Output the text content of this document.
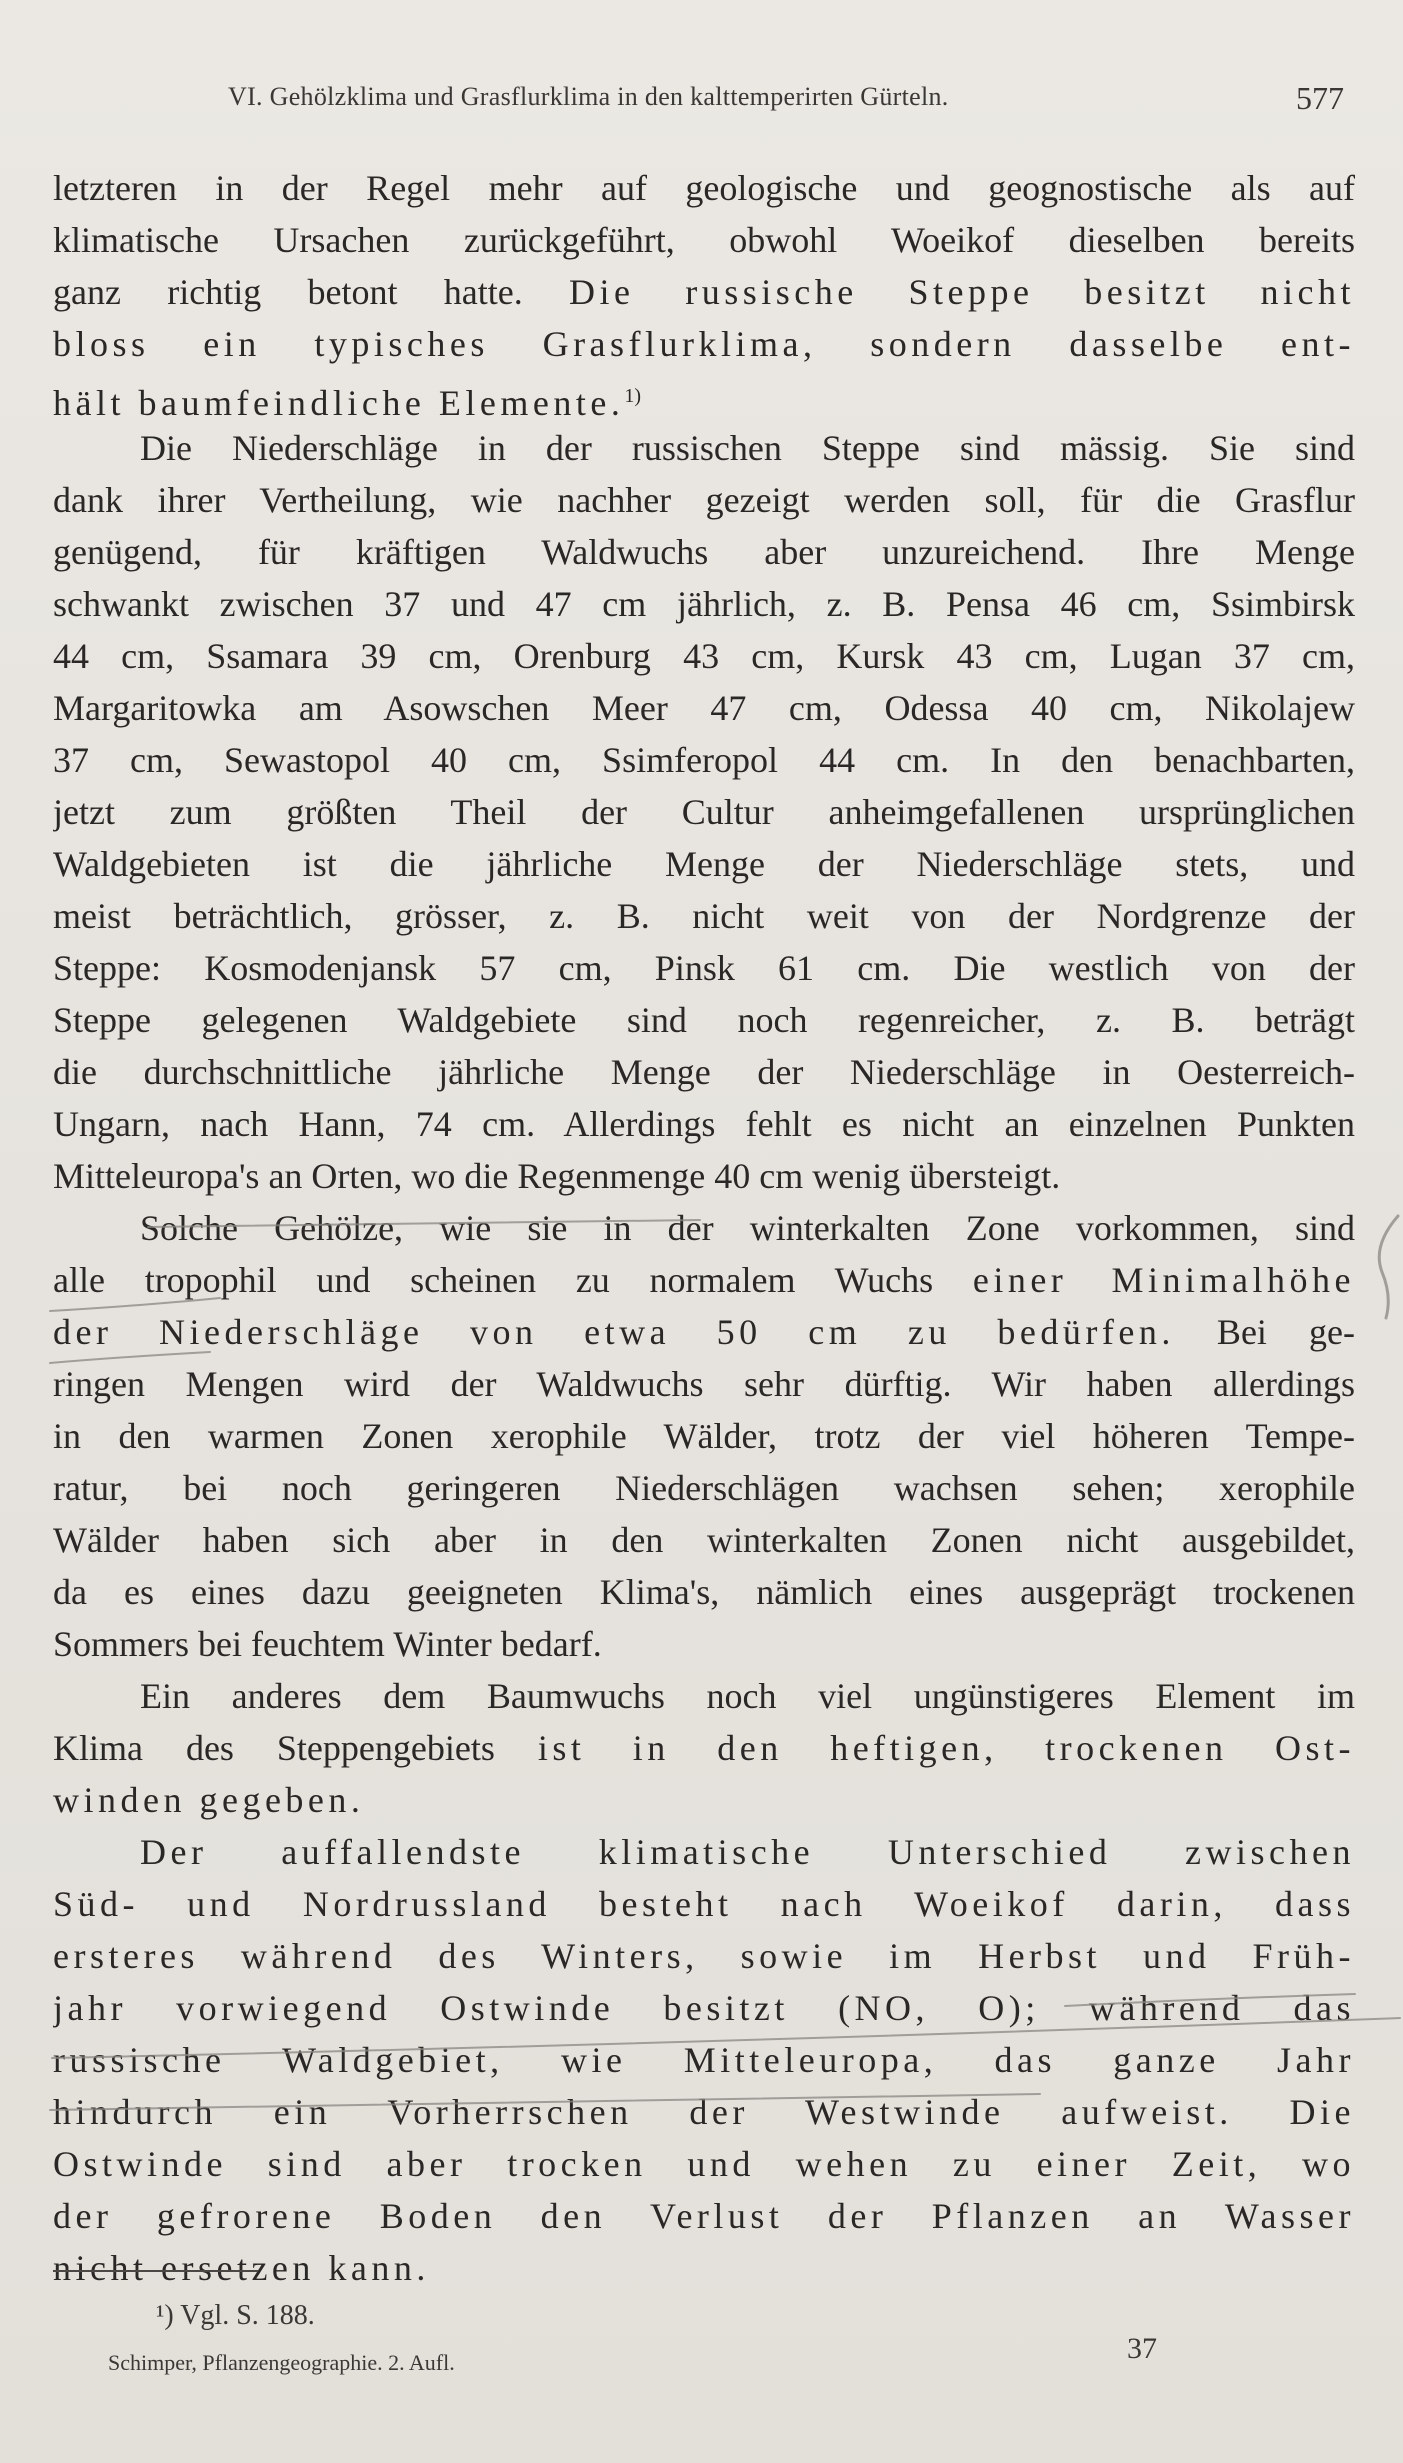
VI. Gehölzklima und Grasflurklima in den kalttemperirten Gürteln.	577
letzteren in der Regel mehr auf geologische und geognostische als auf
klimatische Ursachen zurückgeführt, obwohl Woeikof dieselben bereits
ganz richtig betont hatte. Die russische Steppe besitzt nicht
bloss ein typisches Grasflurklima, sondern dasselbe ent-
hält baumfeindliche Elemente.$^{1)}$
Die Niederschläge in der russischen Steppe sind mässig. Sie sind
dank ihrer Vertheilung, wie nachher gezeigt werden soll, für die Grasflur
genügend, für kräftigen Waldwuchs aber unzureichend. Ihre Menge
schwankt zwischen 37 und 47 cm jährlich, z. B. Pensa 46 cm, Ssimbirsk
44 cm, Ssamara 39 cm, Orenburg 43 cm, Kursk 43 cm, Lugan 37 cm,
Margaritowka am Asowschen Meer 47 cm, Odessa 40 cm, Nikolajew
37 cm, Sewastopol 40 cm, Ssimferopol 44 cm. In den benachbarten,
jetzt zum größten Theil der Cultur anheimgefallenen ursprünglichen
Waldgebieten ist die jährliche Menge der Niederschläge stets, und
meist beträchtlich, grösser, z. B. nicht weit von der Nordgrenze der
Steppe: Kosmodenjansk 57 cm, Pinsk 61 cm. Die westlich von der
Steppe gelegenen Waldgebiete sind noch regenreicher, z. B. beträgt
die durchschnittliche jährliche Menge der Niederschläge in Oesterreich-
Ungarn, nach Hann, 74 cm. Allerdings fehlt es nicht an einzelnen Punkten
Mitteleuropa's an Orten, wo die Regenmenge 40 cm wenig übersteigt.
Solche Gehölze, wie sie in der winterkalten Zone vorkommen, sind
alle tropophil und scheinen zu normalem Wuchs einer Minimalhöhe
der Niederschläge von etwa 50 cm zu bedürfen. Bei ge-
ringen Mengen wird der Waldwuchs sehr dürftig. Wir haben allerdings
in den warmen Zonen xerophile Wälder, trotz der viel höheren Tempe-
ratur, bei noch geringeren Niederschlägen wachsen sehen; xerophile
Wälder haben sich aber in den winterkalten Zonen nicht ausgebildet,
da es eines dazu geeigneten Klima's, nämlich eines ausgeprägt trockenen
Sommers bei feuchtem Winter bedarf.
Ein anderes dem Baumwuchs noch viel ungünstigeres Element im
Klima des Steppengebiets ist in den heftigen, trockenen Ost-
winden gegeben.
Der auffallendste klimatische Unterschied zwischen
Süd- und Nordrussland besteht nach Woeikof darin, dass
ersteres während des Winters, sowie im Herbst und Früh-
jahr vorwiegend Ostwinde besitzt (NO, O); während das
russische Waldgebiet, wie Mitteleuropa, das ganze Jahr
hindurch ein Vorherrschen der Westwinde aufweist. Die
Ostwinde sind aber trocken und wehen zu einer Zeit, wo
der gefrorene Boden den Verlust der Pflanzen an Wasser
nicht ersetzen kann.
¹) Vgl. S. 188.
Schimper, Pflanzengeographie. 2. Aufl.	37
